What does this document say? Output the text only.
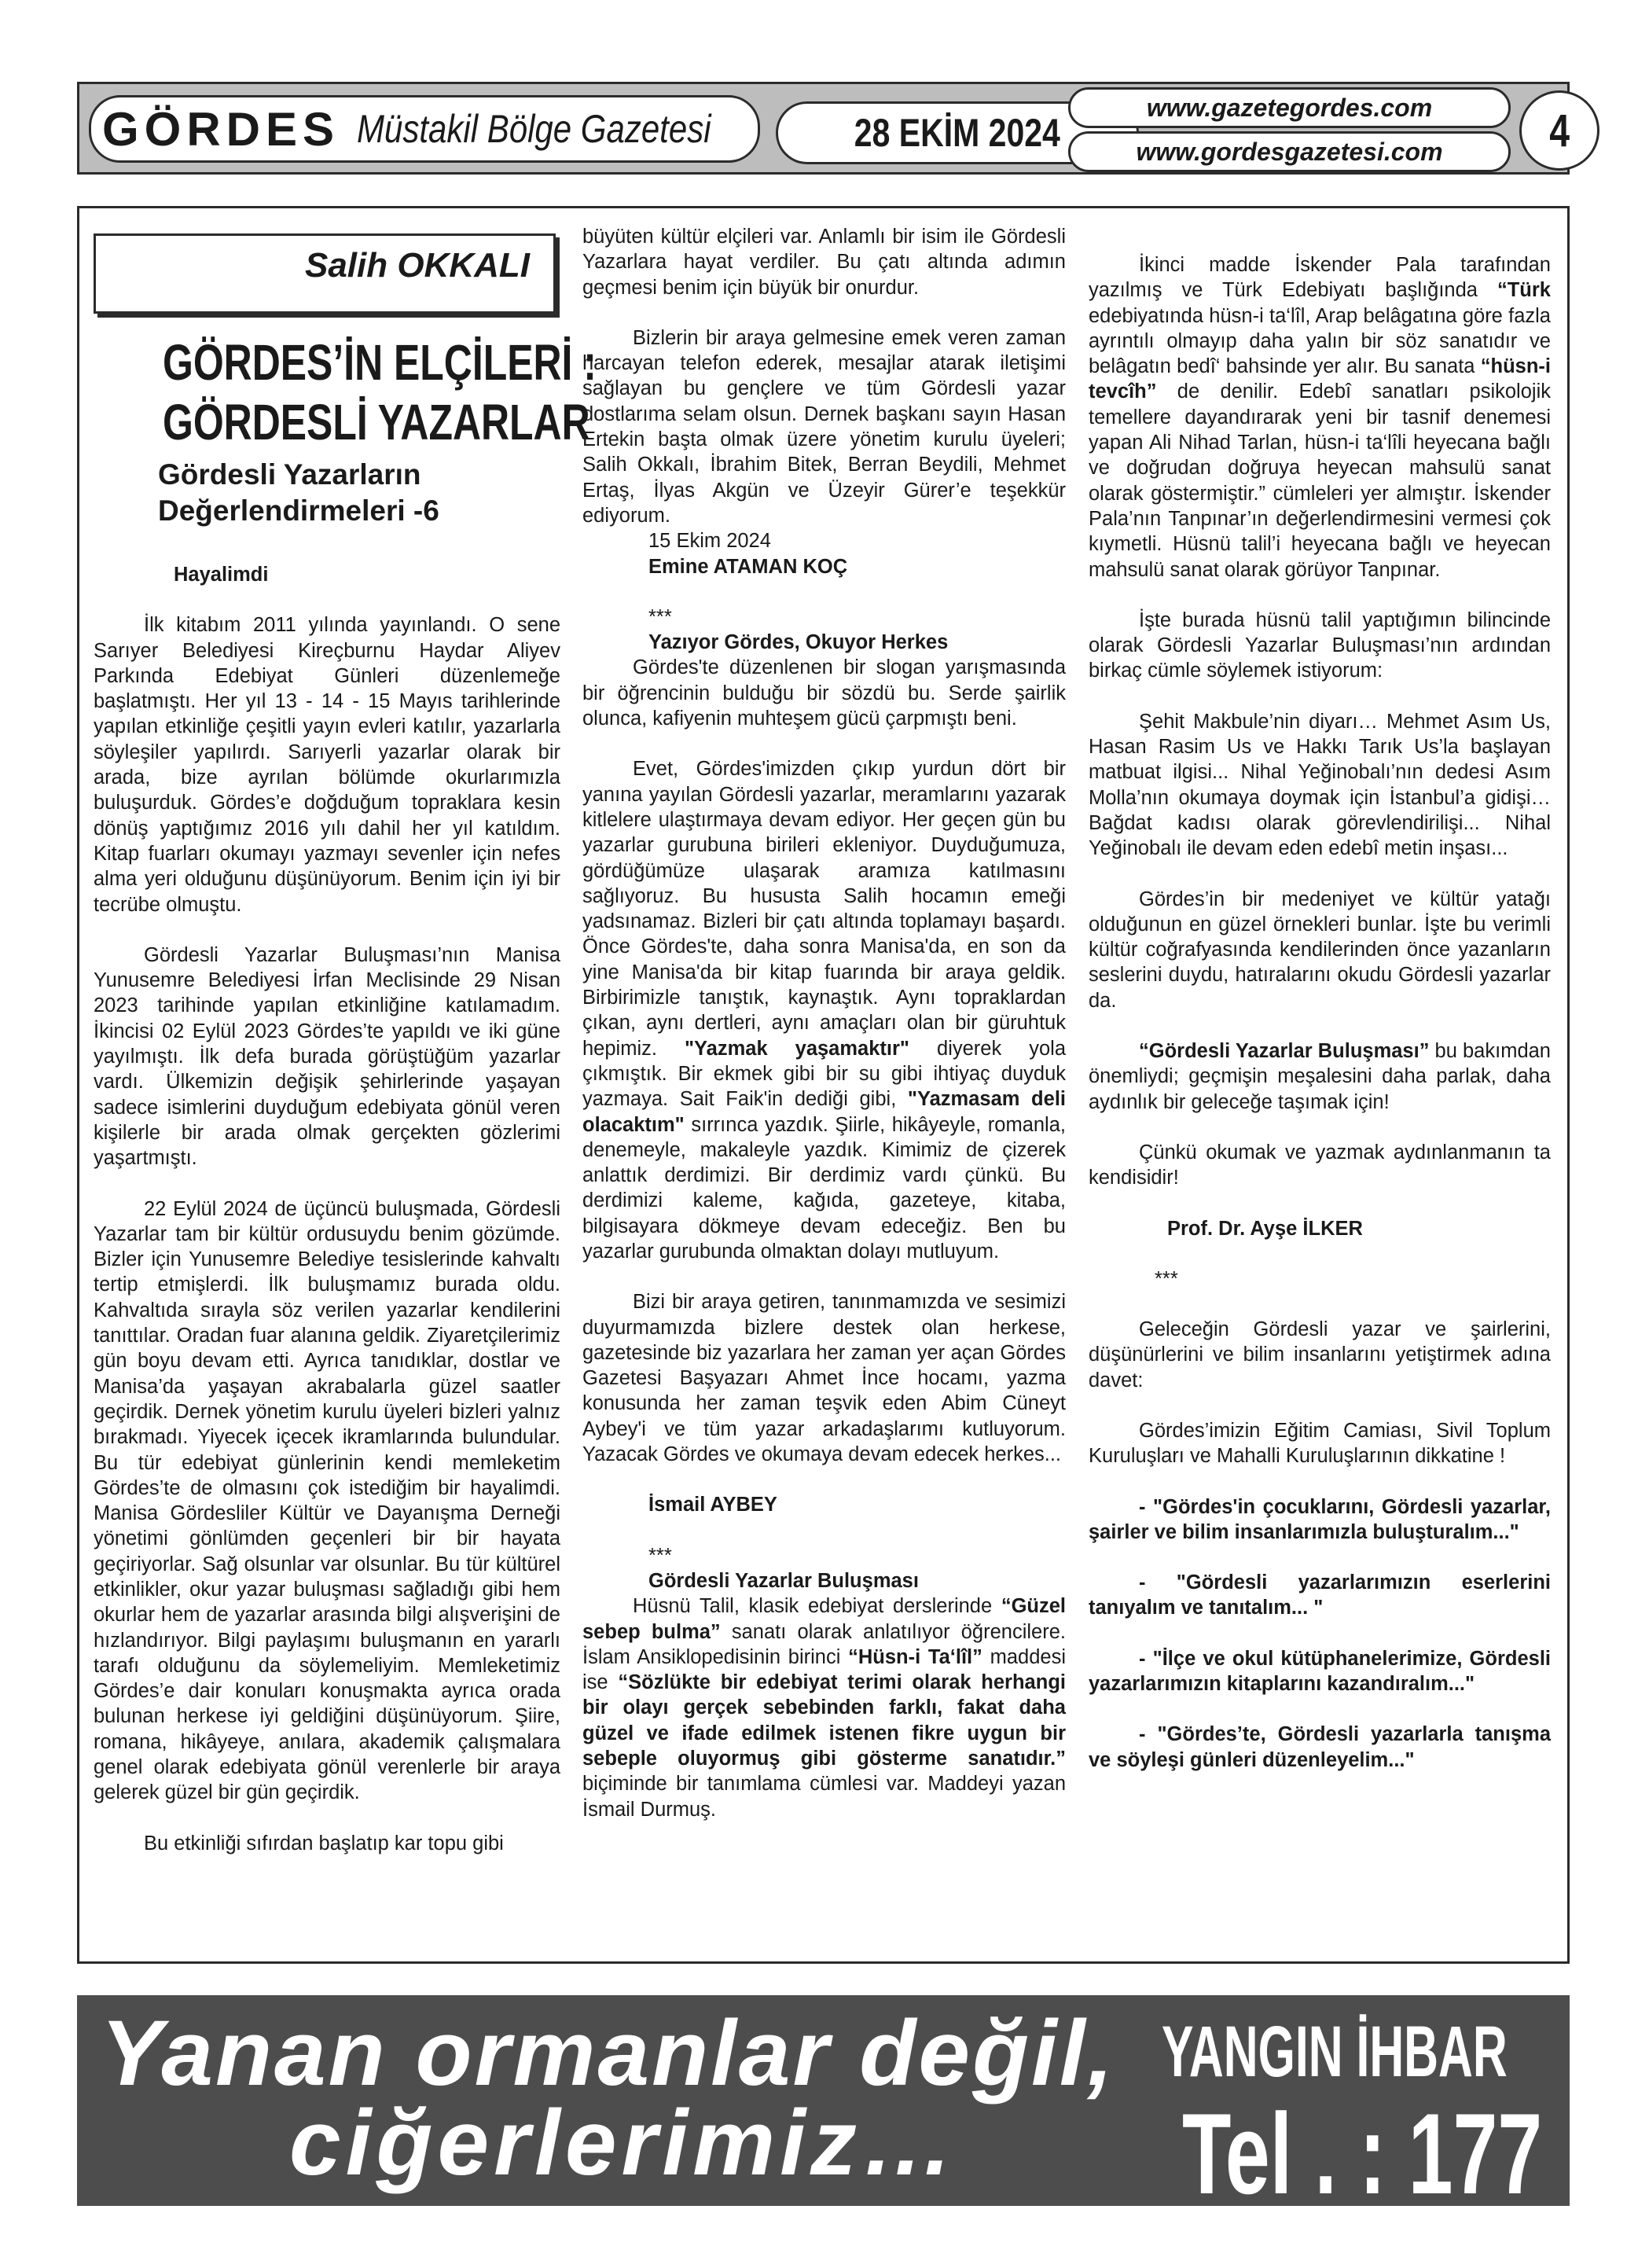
GÖRDES Müstakil Bölge Gazetesi	28 EKİM 2024
www.gazetegordes.com
www.gordesgazetesi.com 4
Salih OKKALI
GÖRDES’İN ELÇİLERİ :
GÖRDESLİ YAZARLAR
Gördesli Yazarların
Değerlendirmeleri -6

Hayalimdi

İlk kitabım 2011 yılında yayınlandı. O sene Sarıyer Belediyesi Kireçburnu Haydar Aliyev Parkında Edebiyat Günleri düzenlemeğe başlatmıştı. Her yıl 13 - 14 - 15 Mayıs tarihlerinde yapılan etkinliğe çeşitli yayın evleri katılır, yazarlarla söyleşiler yapılırdı. Sarıyerli yazarlar olarak bir arada, bize ayrılan bölümde okurlarımızla buluşurduk. Gördes’e doğduğum topraklara kesin dönüş yaptığımız 2016 yılı dahil her yıl katıldım. Kitap fuarları okumayı yazmayı sevenler için nefes alma yeri olduğunu düşünüyorum. Benim için iyi bir tecrübe olmuştu.

Gördesli Yazarlar Buluşması’nın Manisa Yunusemre Belediyesi İrfan Meclisinde 29 Nisan 2023 tarihinde yapılan etkinliğine katılamadım. İkincisi 02 Eylül 2023 Gördes’te yapıldı ve iki güne yayılmıştı. İlk defa burada görüştüğüm yazarlar vardı. Ülkemizin değişik şehirlerinde yaşayan sadece isimlerini duyduğum edebiyata gönül veren kişilerle bir arada olmak gerçekten gözlerimi yaşartmıştı.

22 Eylül 2024 de üçüncü buluşmada, Gördesli Yazarlar tam bir kültür ordusuydu benim gözümde. Bizler için Yunusemre Belediye tesislerinde kahvaltı tertip etmişlerdi. İlk buluşmamız burada oldu. Kahvaltıda sırayla söz verilen yazarlar kendilerini tanıttılar. Oradan fuar alanına geldik. Ziyaretçilerimiz gün boyu devam etti. Ayrıca tanıdıklar, dostlar ve Manisa’da yaşayan akrabalarla güzel saatler geçirdik. Dernek yönetim kurulu üyeleri bizleri yalnız bırakmadı. Yiyecek içecek ikramlarında bulundular. Bu tür edebiyat günlerinin kendi memleketim Gördes’te de olmasını çok istediğim bir hayalimdi. Manisa Gördesliler Kültür ve Dayanışma Derneği yönetimi gönlümden geçenleri bir bir hayata geçiriyorlar. Sağ olsunlar var olsunlar. Bu tür kültürel etkinlikler, okur yazar buluşması sağladığı gibi hem okurlar hem de yazarlar arasında bilgi alışverişini de hızlandırıyor. Bilgi paylaşımı buluşmanın en yararlı tarafı olduğunu da söylemeliyim. Memleketimiz Gördes’e dair konuları konuşmakta ayrıca orada bulunan herkese iyi geldiğini düşünüyorum. Şiire, romana, hikâyeye, anılara, akademik çalışmalara genel olarak edebiyata gönül verenlerle bir araya gelerek güzel bir gün geçirdik.

Bu etkinliği sıfırdan başlatıp kar topu gibi

büyüten kültür elçileri var. Anlamlı bir isim ile Gördesli Yazarlara hayat verdiler. Bu çatı altında adımın geçmesi benim için büyük bir onurdur.

Bizlerin bir araya gelmesine emek veren zaman harcayan telefon ederek, mesajlar atarak iletişimi sağlayan bu gençlere ve tüm Gördesli yazar dostlarıma selam olsun. Dernek başkanı sayın Hasan Ertekin başta olmak üzere yönetim kurulu üyeleri; Salih Okkalı, İbrahim Bitek, Berran Beydili, Mehmet Ertaş, İlyas Akgün ve Üzeyir Gürer’e teşekkür ediyorum.

15 Ekim 2024

Emine ATAMAN KOÇ

***

Yazıyor Gördes, Okuyor Herkes

Gördes'te düzenlenen bir slogan yarışmasında bir öğrencinin bulduğu bir sözdü bu. Serde şairlik olunca, kafiyenin muhteşem gücü çarpmıştı beni.

Evet, Gördes'imizden çıkıp yurdun dört bir yanına yayılan Gördesli yazarlar, meramlarını yazarak kitlelere ulaştırmaya devam ediyor. Her geçen gün bu yazarlar gurubuna birileri ekleniyor. Duyduğumuza, gördüğümüze ulaşarak aramıza katılmasını sağlıyoruz. Bu hususta Salih hocamın emeği yadsınamaz. Bizleri bir çatı altında toplamayı başardı. Önce Gördes'te, daha sonra Manisa'da, en son da yine Manisa'da bir kitap fuarında bir araya geldik. Birbirimizle tanıştık, kaynaştık. Aynı topraklardan çıkan, aynı dertleri, aynı amaçları olan bir güruhtuk hepimiz. "Yazmak yaşamaktır" diyerek yola çıkmıştık. Bir ekmek gibi bir su gibi ihtiyaç duyduk yazmaya. Sait Faik'in dediği gibi, "Yazmasam deli olacaktım" sırrınca yazdık. Şiirle, hikâyeyle, romanla, denemeyle, makaleyle yazdık. Kimimiz de çizerek anlattık derdimizi. Bir derdimiz vardı çünkü. Bu derdimizi kaleme, kağıda, gazeteye, kitaba, bilgisayara dökmeye devam edeceğiz. Ben bu yazarlar gurubunda olmaktan dolayı mutluyum.

Bizi bir araya getiren, tanınmamızda ve sesimizi duyurmamızda bizlere destek olan herkese, gazetesinde biz yazarlara her zaman yer açan Gördes Gazetesi Başyazarı Ahmet İnce hocamı, yazma konusunda her zaman teşvik eden Abim Cüneyt Aybey'i ve tüm yazar arkadaşlarımı kutluyorum. Yazacak Gördes ve okumaya devam edecek herkes...

İsmail AYBEY

***

Gördesli Yazarlar Buluşması

Hüsnü Talil, klasik edebiyat derslerinde “Güzel sebep bulma” sanatı olarak anlatılıyor öğrencilere. İslam Ansiklopedisinin birinci “Hüsn-i Ta‘lîl” maddesi ise “Sözlükte bir edebiyat terimi olarak herhangi bir olayı gerçek sebebinden farklı, fakat daha güzel ve ifade edilmek istenen fikre uygun bir sebeple oluyormuş gibi gösterme sanatıdır.” biçiminde bir tanımlama cümlesi var. Maddeyi yazan İsmail Durmuş.

İkinci madde İskender Pala tarafından yazılmış ve Türk Edebiyatı başlığında “Türk edebiyatında hüsn-i ta‘lîl, Arap belâgatına göre fazla ayrıntılı olmayıp daha yalın bir söz sanatıdır ve belâgatın bedî‘ bahsinde yer alır. Bu sanata “hüsn-i tevcîh” de denilir. Edebî sanatları psikolojik temellere dayandırarak yeni bir tasnif denemesi yapan Ali Nihad Tarlan, hüsn-i ta‘lîli heyecana bağlı ve doğrudan doğruya heyecan mahsulü sanat olarak göstermiştir.” cümleleri yer almıştır. İskender Pala’nın Tanpınar’ın değerlendirmesini vermesi çok kıymetli. Hüsnü talil’i heyecana bağlı ve heyecan mahsulü sanat olarak görüyor Tanpınar.

İşte burada hüsnü talil yaptığımın bilincinde olarak Gördesli Yazarlar Buluşması’nın ardından birkaç cümle söylemek istiyorum:

Şehit Makbule’nin diyarı… Mehmet Asım Us, Hasan Rasim Us ve Hakkı Tarık Us’la başlayan matbuat ilgisi... Nihal Yeğinobalı’nın dedesi Asım Molla’nın okumaya doymak için İstanbul’a gidişi… Bağdat kadısı olarak görevlendirilişi... Nihal Yeğinobalı ile devam eden edebî metin inşası...

Gördes’in bir medeniyet ve kültür yatağı olduğunun en güzel örnekleri bunlar. İşte bu verimli kültür coğrafyasında kendilerinden önce yazanların seslerini duydu, hatıralarını okudu Gördesli yazarlar da.

“Gördesli Yazarlar Buluşması” bu bakımdan önemliydi; geçmişin meşalesini daha parlak, daha aydınlık bir geleceğe taşımak için!

Çünkü okumak ve yazmak aydınlanmanın ta kendisidir!

Prof. Dr. Ayşe İLKER

***

Geleceğin Gördesli yazar ve şairlerini, düşünürlerini ve bilim insanlarını yetiştirmek adına davet:

Gördes’imizin Eğitim Camiası, Sivil Toplum Kuruluşları ve Mahalli Kuruluşlarının dikkatine !

- "Gördes'in çocuklarını, Gördesli yazarlar, şairler ve bilim insanlarımızla buluşturalım..."

- "Gördesli yazarlarımızın eserlerini tanıyalım ve tanıtalım... "

- "İlçe ve okul kütüphanelerimize, Gördesli yazarlarımızın kitaplarını kazandıralım..."

- "Gördes’te, Gördesli yazarlarla tanışma ve söyleşi günleri düzenleyelim..."

Yanan ormanlar değil,
ciğerlerimiz…
YANGIN İHBAR
Tel . : 177
